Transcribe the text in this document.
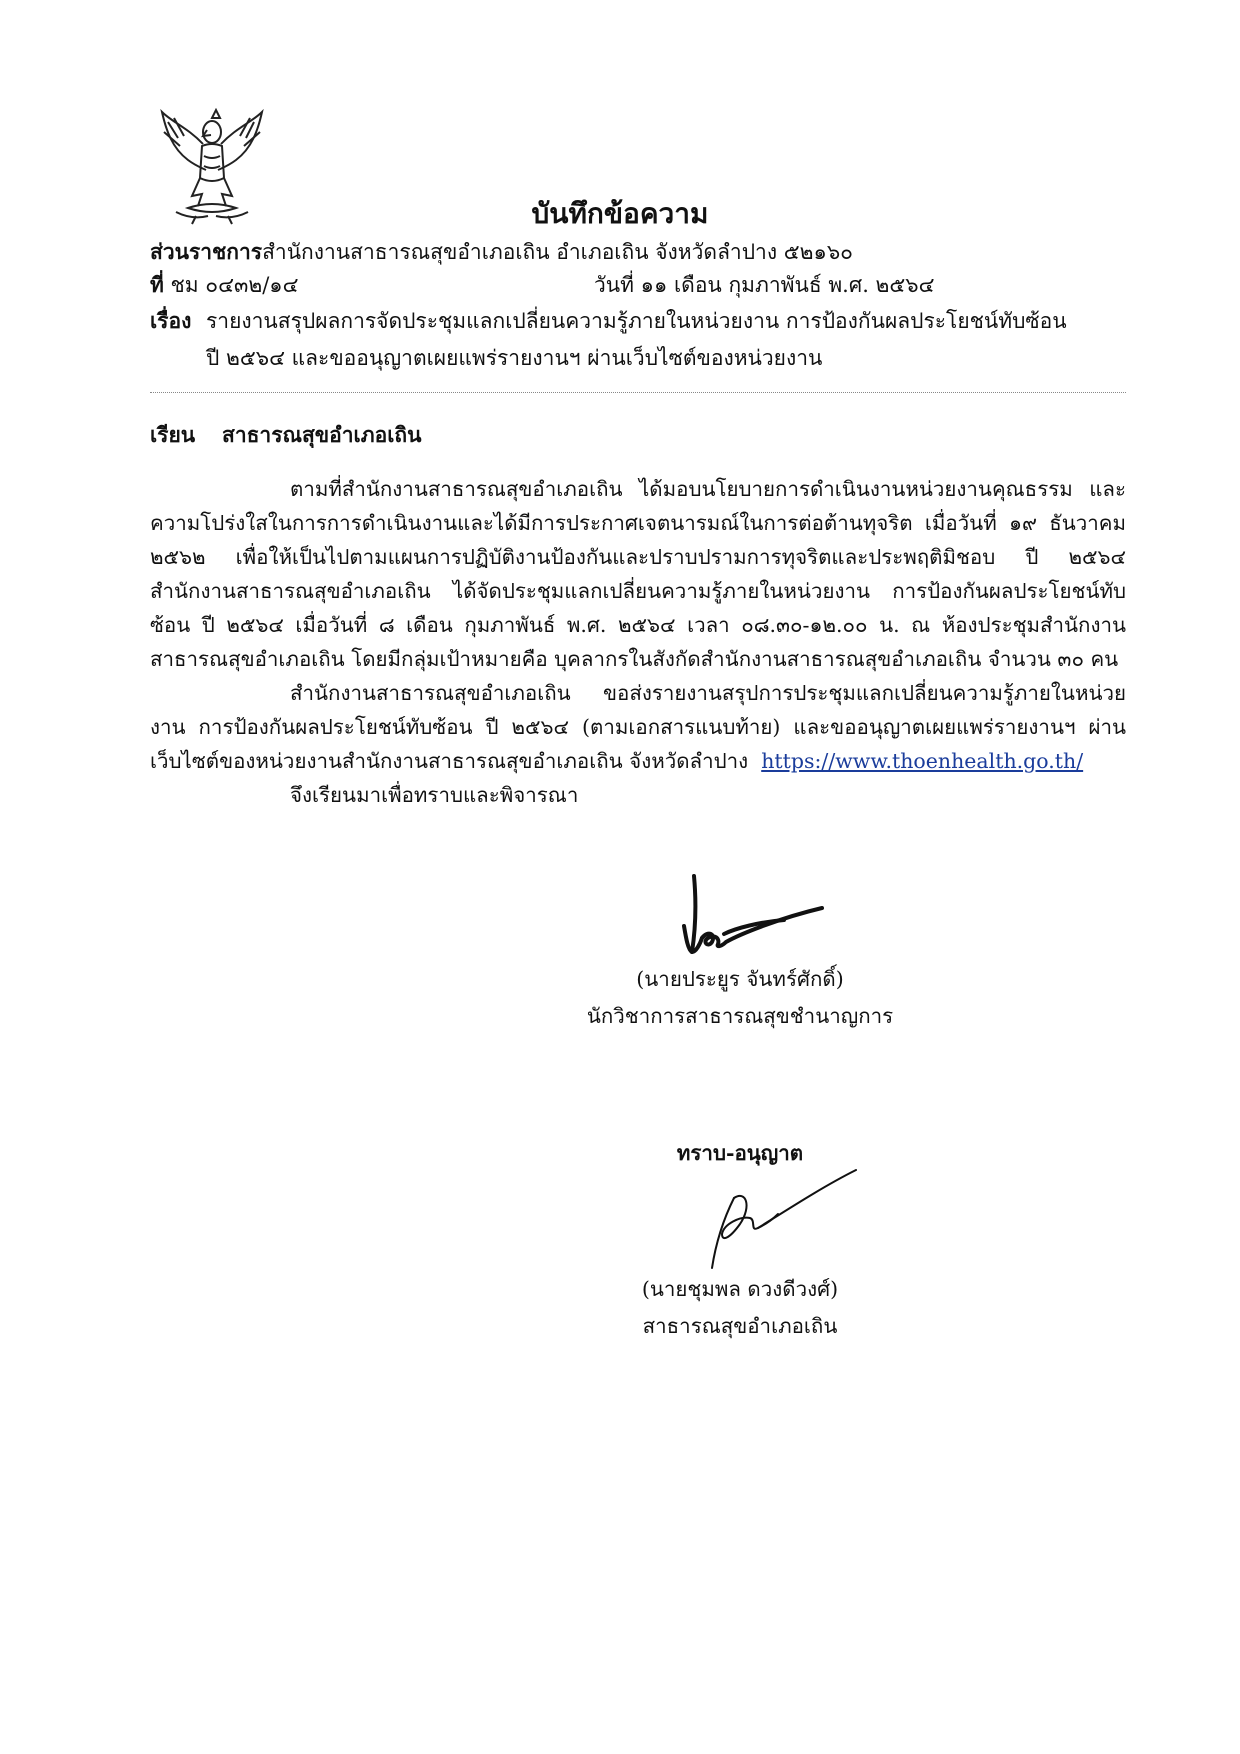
บันทึกข้อความ
ส่วนราชการสำนักงานสาธารณสุขอำเภอเถิน อำเภอเถิน จังหวัดลำปาง ๕๒๑๖๐
ที่ ชม ๐๔๓๒/๑๔	วันที่ ๑๑ เดือน กุมภาพันธ์ พ.ศ. ๒๕๖๔
เรื่อง รายงานสรุปผลการจัดประชุมแลกเปลี่ยนความรู้ภายในหน่วยงาน การป้องกันผลประโยชน์ทับซ้อน
ปี ๒๕๖๔ และขออนุญาตเผยแพร่รายงานฯ ผ่านเว็บไซต์ของหน่วยงาน
เรียน สาธารณสุขอำเภอเถิน

ตามที่สำนักงานสาธารณสุขอำเภอเถิน ได้มอบนโยบายการดำเนินงานหน่วยงานคุณธรรม และความโปร่งใสในการการดำเนินงานและได้มีการประกาศเจตนารมณ์ในการต่อต้านทุจริต เมื่อวันที่ ๑๙ ธันวาคม ๒๕๖๒ เพื่อให้เป็นไปตามแผนการปฏิบัติงานป้องกันและปราบปรามการทุจริตและประพฤติมิชอบ ปี ๒๕๖๔ สำนักงานสาธารณสุขอำเภอเถิน ได้จัดประชุมแลกเปลี่ยนความรู้ภายในหน่วยงาน การป้องกันผลประโยชน์ทับซ้อน ปี ๒๕๖๔ เมื่อวันที่ ๘ เดือน กุมภาพันธ์ พ.ศ. ๒๕๖๔ เวลา ๐๘.๓๐-๑๒.๐๐ น. ณ ห้องประชุมสำนักงานสาธารณสุขอำเภอเถิน โดยมีกลุ่มเป้าหมายคือ บุคลากรในสังกัดสำนักงานสาธารณสุขอำเภอเถิน จำนวน ๓๐ คน

สำนักงานสาธารณสุขอำเภอเถิน ขอส่งรายงานสรุปการประชุมแลกเปลี่ยนความรู้ภายในหน่วยงาน การป้องกันผลประโยชน์ทับซ้อน ปี ๒๕๖๔ (ตามเอกสารแนบท้าย) และขออนุญาตเผยแพร่รายงานฯ ผ่านเว็บไซต์ของหน่วยงานสำนักงานสาธารณสุขอำเภอเถิน จังหวัดลำปาง https://www.thoenhealth.go.th/

จึงเรียนมาเพื่อทราบและพิจารณา
(นายประยูร จันทร์ศักดิ์)
นักวิชาการสาธารณสุขชำนาญการ
ทราบ-อนุญาต
(นายชุมพล ดวงดีวงศ์)
สาธารณสุขอำเภอเถิน
